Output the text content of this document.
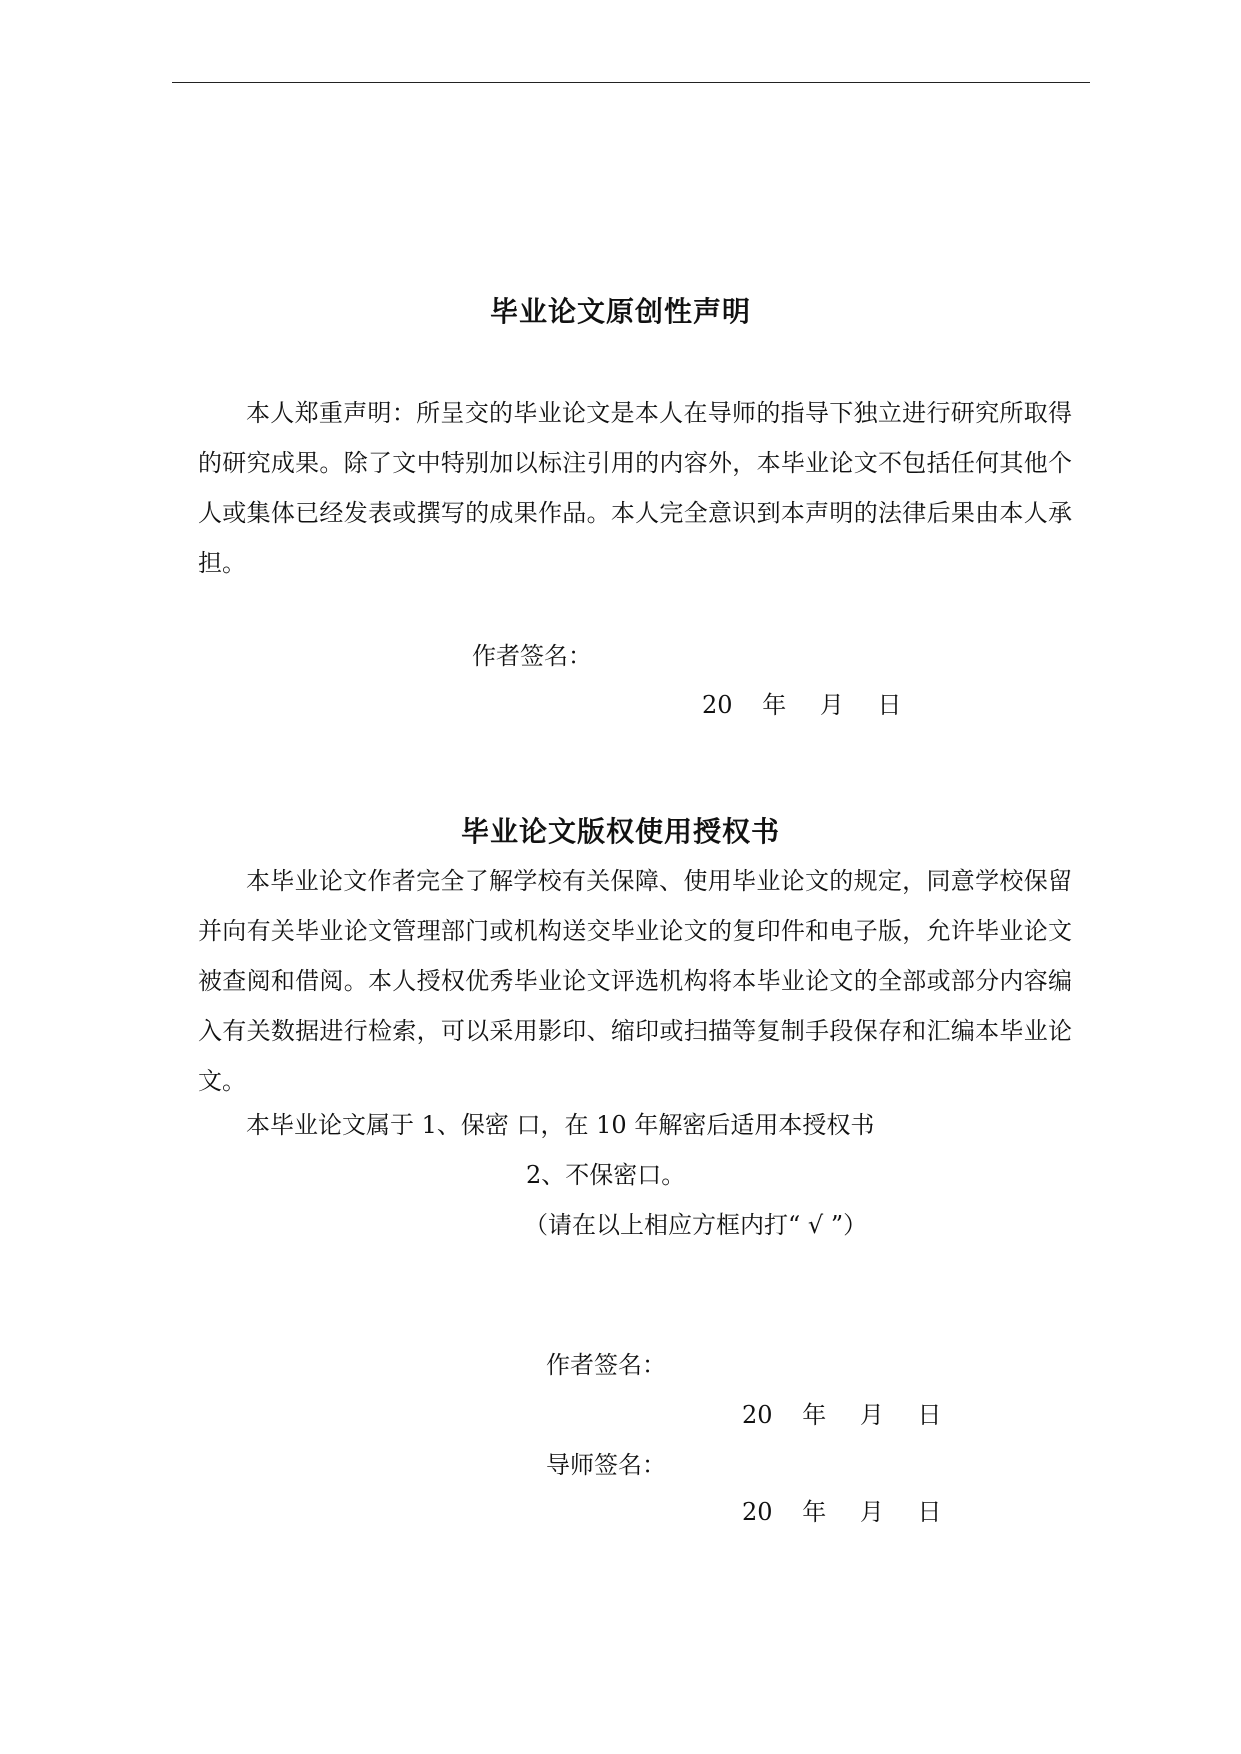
毕业论文原创性声明
本人郑重声明：所呈交的毕业论文是本人在导师的指导下独立进行研究所取得的研究成果。除了文中特别加以标注引用的内容外，本毕业论文不包括任何其他个人或集体已经发表或撰写的成果作品。本人完全意识到本声明的法律后果由本人承担。
作者签名：
20 年 月 日
毕业论文版权使用授权书
本毕业论文作者完全了解学校有关保障、使用毕业论文的规定，同意学校保留并向有关毕业论文管理部门或机构送交毕业论文的复印件和电子版，允许毕业论文被查阅和借阅。本人授权优秀毕业论文评选机构将本毕业论文的全部或部分内容编入有关数据进行检索，可以采用影印、缩印或扫描等复制手段保存和汇编本毕业论文。
本毕业论文属于 1、保密 口，在 10 年解密后适用本授权书
2、不保密口。
（请在以上相应方框内打“ √ ”）
作者签名：
20 年 月 日
导师签名：
20 年 月 日
